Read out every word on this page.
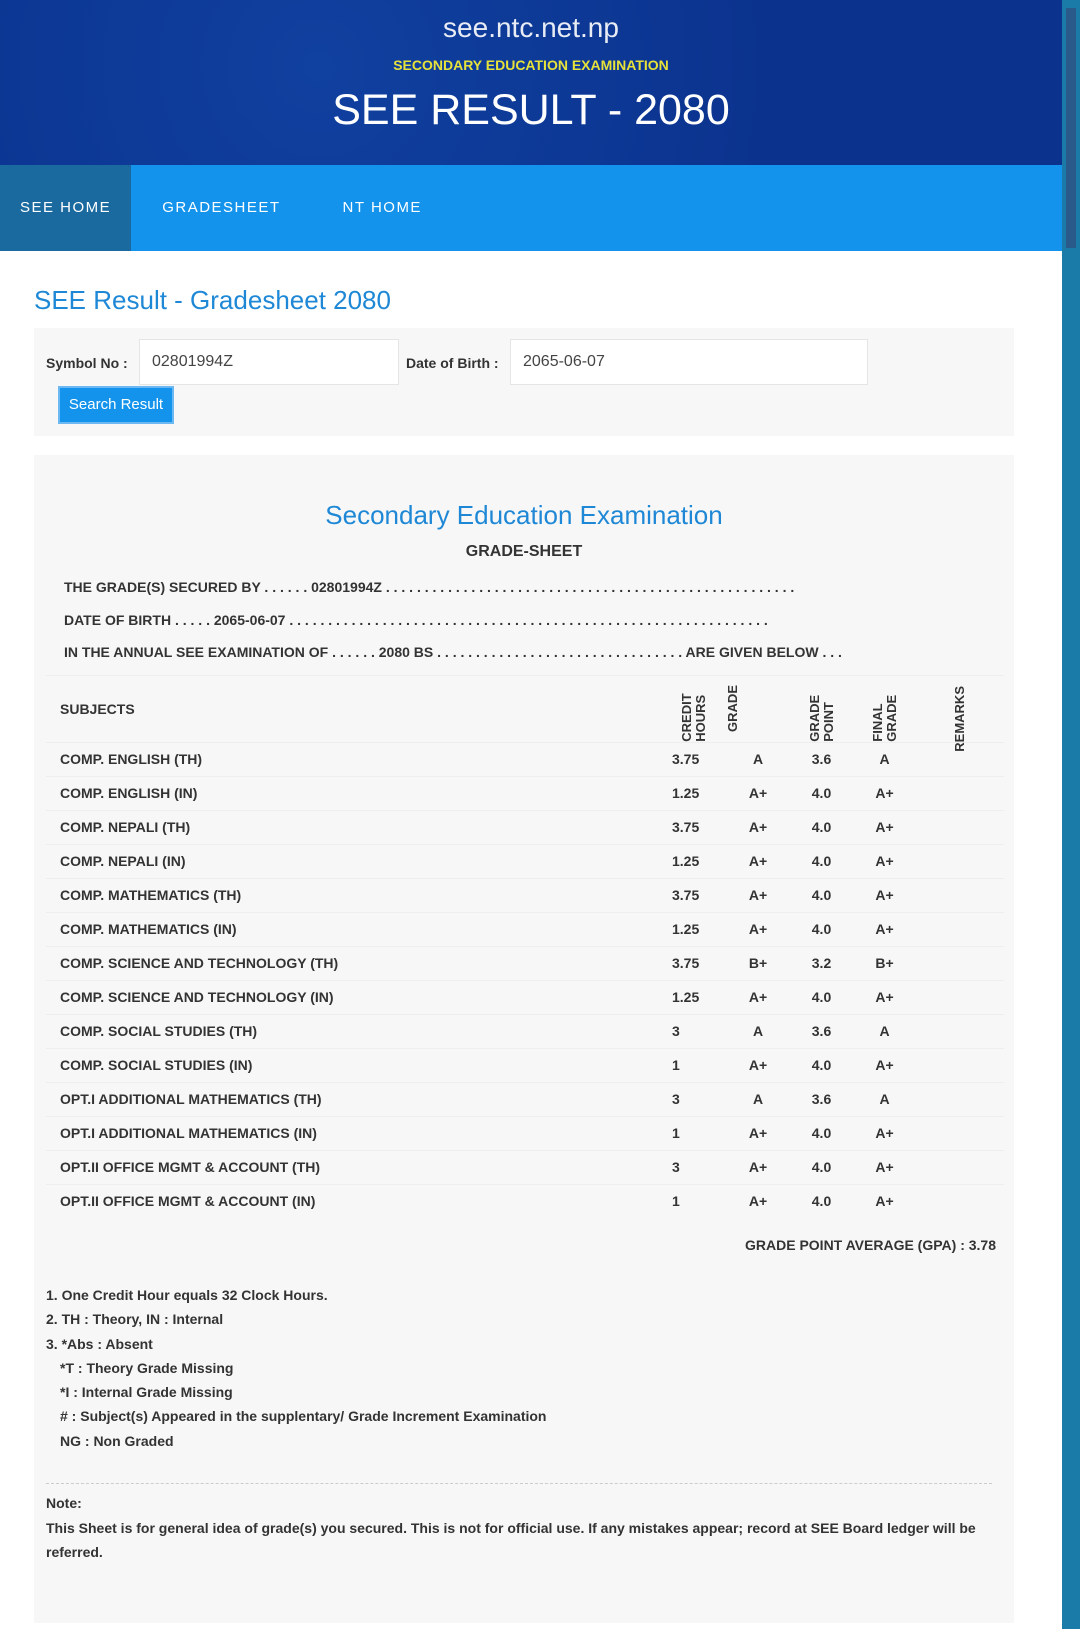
see.ntc.net.np
SECONDARY EDUCATION EXAMINATION
SEE RESULT - 2080
SEE HOME	GRADESHEET	NT HOME
SEE Result - Gradesheet 2080
Symbol No :	02801994Z	Date of Birth :	2065-06-07
Search Result
Secondary Education Examination
GRADE-SHEET
THE GRADE(S) SECURED BY . . . . . . 02801994Z . . . . . . . . . . . . . . . . . . . . . . . . . . . . . . . . . . . . . . . . . . . . . . . . . . . . .
DATE OF BIRTH . . . . . 2065-06-07 . . . . . . . . . . . . . . . . . . . . . . . . . . . . . . . . . . . . . . . . . . . . . . . . . . . . . . . . . . . . . .
IN THE ANNUAL SEE EXAMINATION OF . . . . . . 2080 BS . . . . . . . . . . . . . . . . . . . . . . . . . . . . . . . . ARE GIVEN BELOW . . .
SUBJECTS	CREDIT HOURS	GRADE	GRADE POINT	FINAL GRADE	REMARKS

COMP. ENGLISH (TH)	3.75	A	3.6	A	
COMP. ENGLISH (IN)	1.25	A+	4.0	A+	
COMP. NEPALI (TH)	3.75	A+	4.0	A+	
COMP. NEPALI (IN)	1.25	A+	4.0	A+	
COMP. MATHEMATICS (TH)	3.75	A+	4.0	A+	
COMP. MATHEMATICS (IN)	1.25	A+	4.0	A+	
COMP. SCIENCE AND TECHNOLOGY (TH)	3.75	B+	3.2	B+	
COMP. SCIENCE AND TECHNOLOGY (IN)	1.25	A+	4.0	A+	
COMP. SOCIAL STUDIES (TH)	3	A	3.6	A	
COMP. SOCIAL STUDIES (IN)	1	A+	4.0	A+	
OPT.I ADDITIONAL MATHEMATICS (TH)	3	A	3.6	A	
OPT.I ADDITIONAL MATHEMATICS (IN)	1	A+	4.0	A+	
OPT.II OFFICE MGMT & ACCOUNT (TH)	3	A+	4.0	A+	
OPT.II OFFICE MGMT & ACCOUNT (IN)	1	A+	4.0	A+	
GRADE POINT AVERAGE (GPA) : 3.78
1. One Credit Hour equals 32 Clock Hours.
2. TH : Theory, IN : Internal
3. *Abs : Absent
*T : Theory Grade Missing
*I : Internal Grade Missing
# : Subject(s) Appeared in the supplentary/ Grade Increment Examination
NG : Non Graded
Note:
This Sheet is for general idea of grade(s) you secured. This is not for official use. If any mistakes appear; record at SEE Board ledger will be referred.
